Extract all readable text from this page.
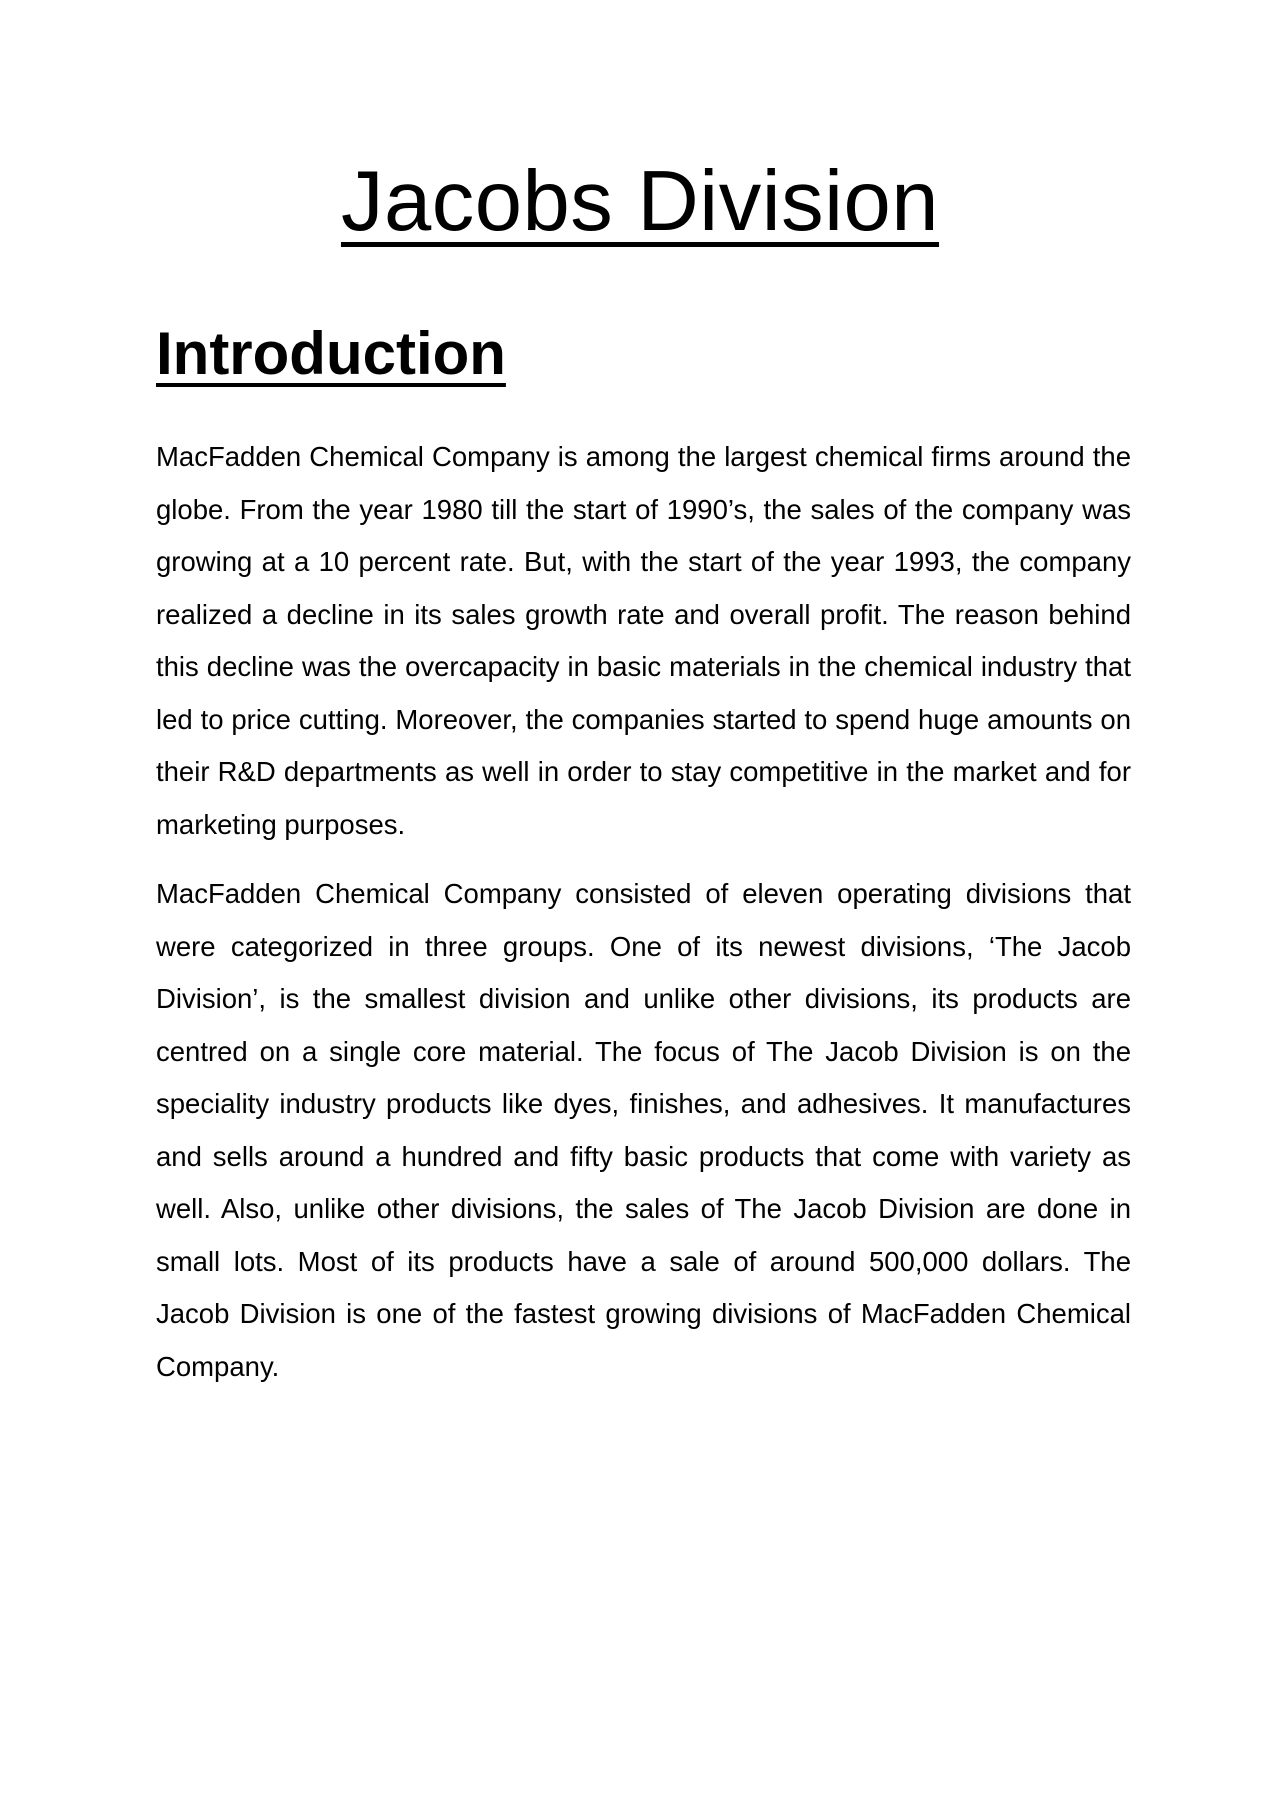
Jacobs Division
Introduction

MacFadden Chemical Company is among the largest chemical firms around the globe. From the year 1980 till the start of 1990’s, the sales of the company was growing at a 10 percent rate. But, with the start of the year 1993, the company realized a decline in its sales growth rate and overall profit. The reason behind this decline was the overcapacity in basic materials in the chemical industry that led to price cutting. Moreover, the companies started to spend huge amounts on their R&D departments as well in order to stay competitive in the market and for marketing purposes.

MacFadden Chemical Company consisted of eleven operating divisions that were categorized in three groups. One of its newest divisions, ‘The Jacob Division’, is the smallest division and unlike other divisions, its products are centred on a single core material. The focus of The Jacob Division is on the speciality industry products like dyes, finishes, and adhesives. It manufactures and sells around a hundred and fifty basic products that come with variety as well. Also, unlike other divisions, the sales of The Jacob Division are done in small lots. Most of its products have a sale of around 500,000 dollars. The Jacob Division is one of the fastest growing divisions of MacFadden Chemical Company.
